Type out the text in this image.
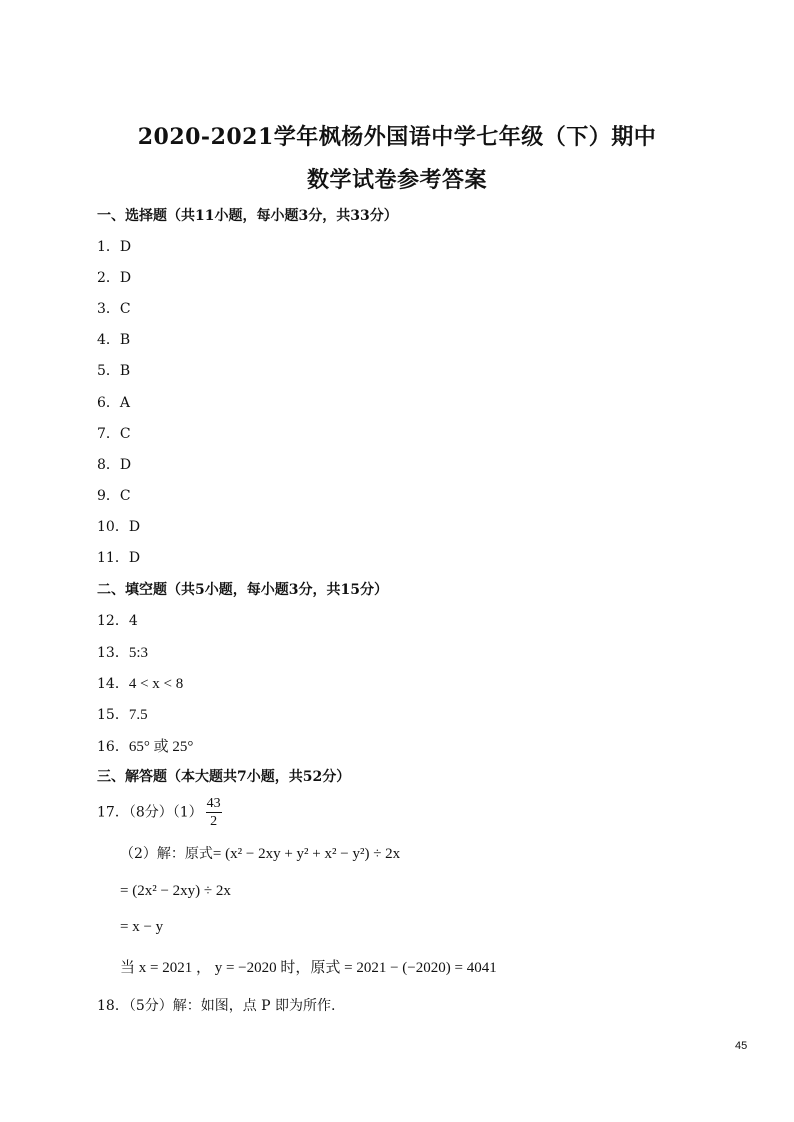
2020-2021学年枫杨外国语中学七年级（下）期中
数学试卷参考答案
一、选择题（共11小题，每小题3分，共33分）
1．D
2．D
3．C
4．B
5．B
6．A
7．C
8．D
9．C
10．D
11．D
二、填空题（共5小题，每小题3分，共15分）
12．4
13．5:3
14．4 < x < 8
15．7.5
16．65° 或 25°
三、解答题（本大题共7小题，共52分）
17．（8分）$(1) \frac{43}{2}$
（2）解：原式= (x² − 2xy + y² + x² − y²) ÷ 2x
= (2x² − 2xy) ÷ 2x
= x − y
当 x = 2021 ， y = −2020 时，原式 = 2021 − (−2020) = 4041
18．（5分）解：如图，点 P 即为所作.
45
